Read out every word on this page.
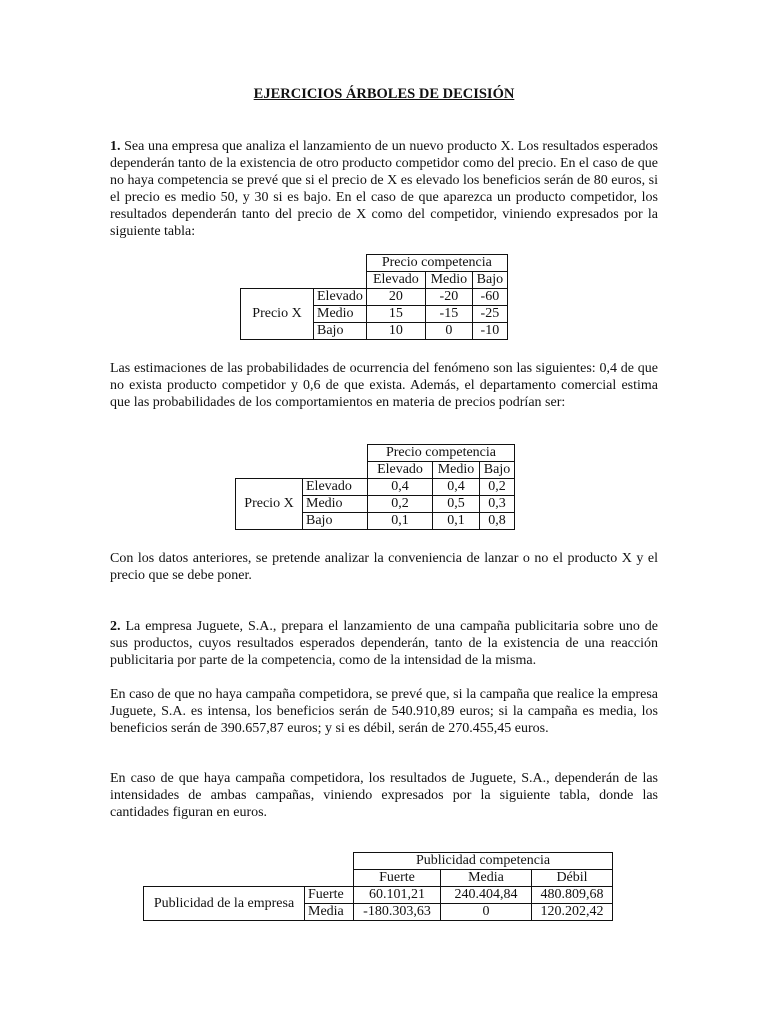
EJERCICIOS ÁRBOLES DE DECISIÓN

1. Sea una empresa que analiza el lanzamiento de un nuevo producto X. Los resultados esperados dependerán tanto de la existencia de otro producto competidor como del precio. En el caso de que no haya competencia se prevé que si el precio de X es elevado los beneficios serán de 80 euros, si el precio es medio 50, y 30 si es bajo. En el caso de que aparezca un producto competidor, los resultados dependerán tanto del precio de X como del competidor, viniendo expresados por la siguiente tabla:

		Precio competencia		
		Elevado	Medio	Bajo
Precio X	Elevado	20	-20	-60
	Medio	15	-15	-25
	Bajo	10	0	-10

Las estimaciones de las probabilidades de ocurrencia del fenómeno son las siguientes: 0,4 de que no exista producto competidor y 0,6 de que exista. Además, el departamento comercial estima que las probabilidades de los comportamientos en materia de precios podrían ser:

		Precio competencia		
		Elevado	Medio	Bajo
Precio X	Elevado	0,4	0,4	0,2
	Medio	0,2	0,5	0,3
	Bajo	0,1	0,1	0,8

Con los datos anteriores, se pretende analizar la conveniencia de lanzar o no el producto X y el precio que se debe poner.

2. La empresa Juguete, S.A., prepara el lanzamiento de una campaña publicitaria sobre uno de sus productos, cuyos resultados esperados dependerán, tanto de la existencia de una reacción publicitaria por parte de la competencia, como de la intensidad de la misma.

En caso de que no haya campaña competidora, se prevé que, si la campaña que realice la empresa Juguete, S.A. es intensa, los beneficios serán de 540.910,89 euros; si la campaña es media, los beneficios serán de 390.657,87 euros; y si es débil, serán de 270.455,45 euros.

En caso de que haya campaña competidora, los resultados de Juguete, S.A., dependerán de las intensidades de ambas campañas, viniendo expresados por la siguiente tabla, donde las cantidades figuran en euros.

		Publicidad competencia		
		Fuerte	Media	Débil
Publicidad de la empresa	Fuerte	60.101,21	240.404,84	480.809,68
	Media	-180.303,63	0	120.202,42
